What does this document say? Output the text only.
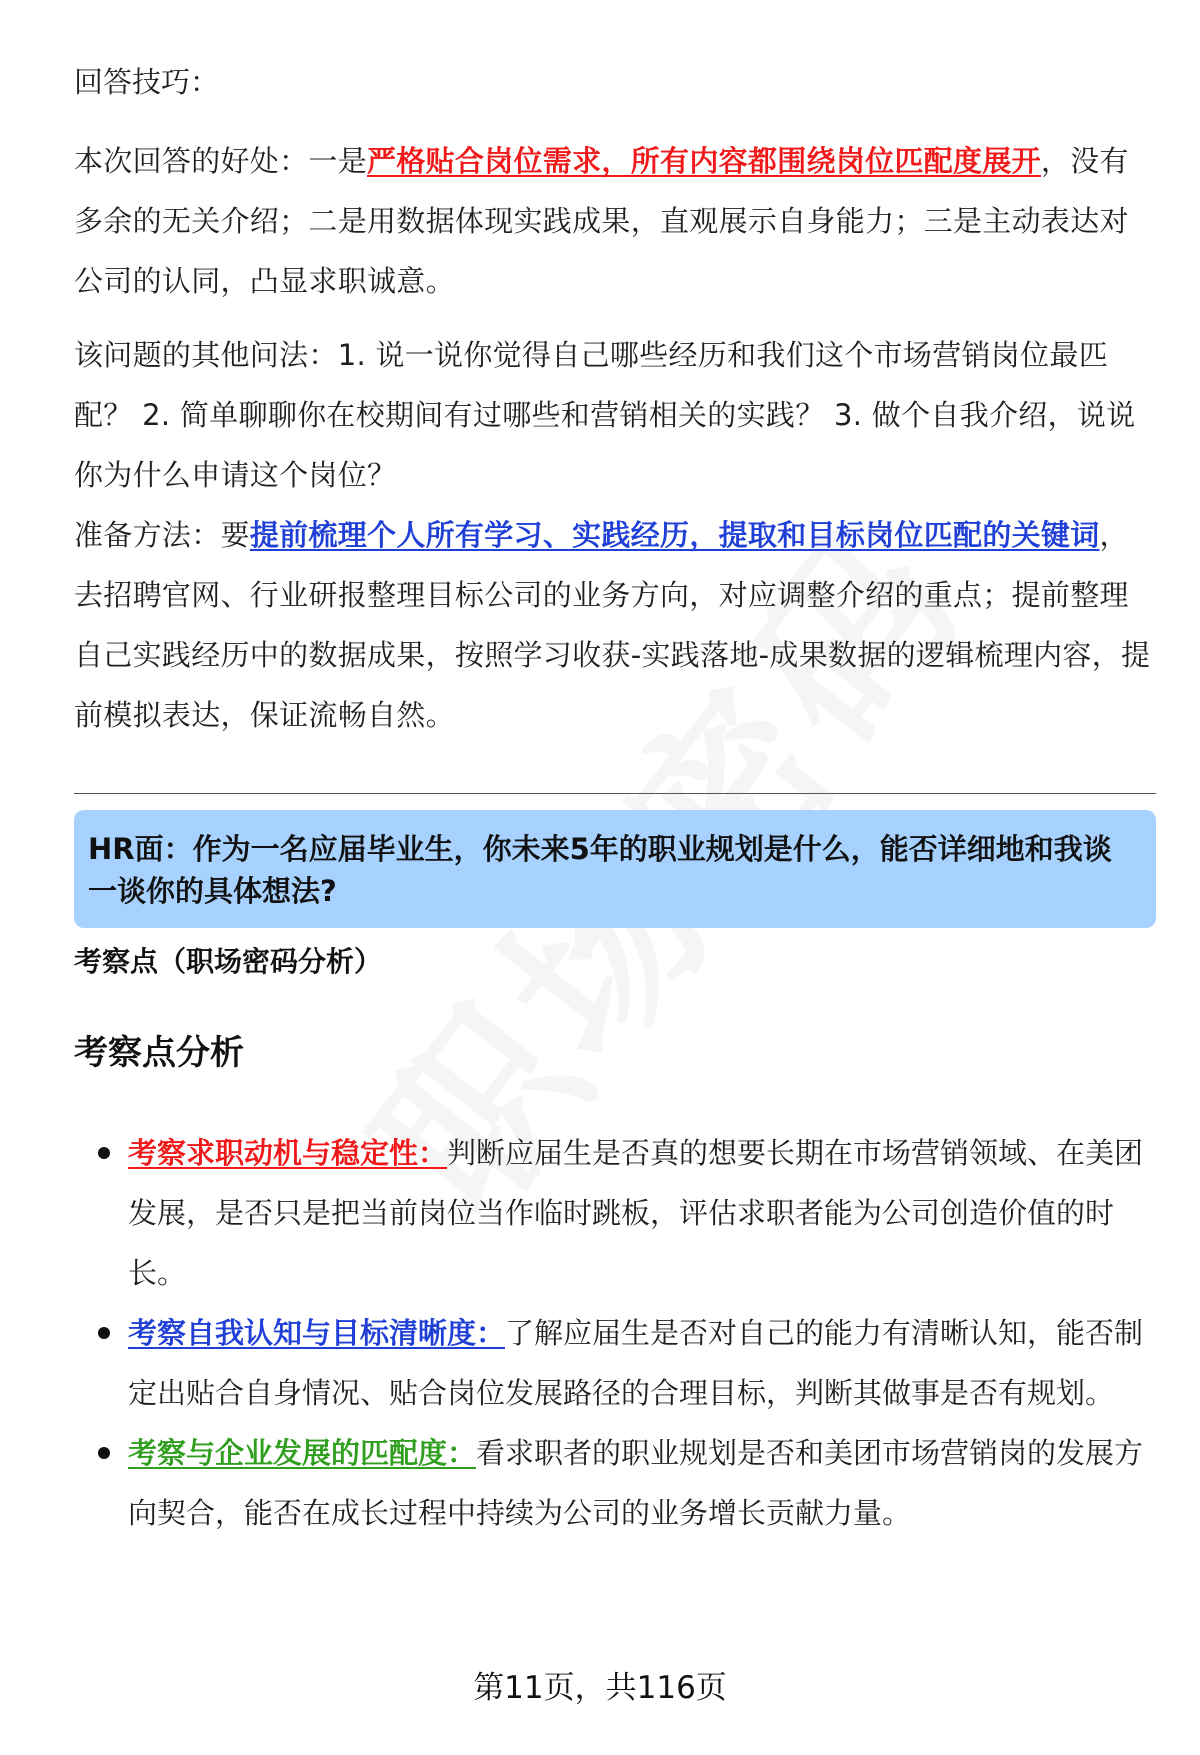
回答技巧：
本次回答的好处：一是严格贴合岗位需求，所有内容都围绕岗位匹配度展开，没有多余的无关介绍；二是用数据体现实践成果，直观展示自身能力；三是主动表达对公司的认同，凸显求职诚意。
该问题的其他问法：1. 说一说你觉得自己哪些经历和我们这个市场营销岗位最匹配？ 2. 简单聊聊你在校期间有过哪些和营销相关的实践？ 3. 做个自我介绍，说说你为什么申请这个岗位？
准备方法：要提前梳理个人所有学习、实践经历，提取和目标岗位匹配的关键词，去招聘官网、行业研报整理目标公司的业务方向，对应调整介绍的重点；提前整理自己实践经历中的数据成果，按照学习收获-实践落地-成果数据的逻辑梳理内容，提前模拟表达，保证流畅自然。
HR面：作为一名应届毕业生，你未来5年的职业规划是什么，能否详细地和我谈一谈你的具体想法?
考察点（职场密码分析）
考察点分析
考察求职动机与稳定性：判断应届生是否真的想要长期在市场营销领域、在美团发展，是否只是把当前岗位当作临时跳板，评估求职者能为公司创造价值的时长。
考察自我认知与目标清晰度：了解应届生是否对自己的能力有清晰认知，能否制定出贴合自身情况、贴合岗位发展路径的合理目标，判断其做事是否有规划。
考察与企业发展的匹配度：看求职者的职业规划是否和美团市场营销岗的发展方向契合，能否在成长过程中持续为公司的业务增长贡献力量。
第11页，共116页
